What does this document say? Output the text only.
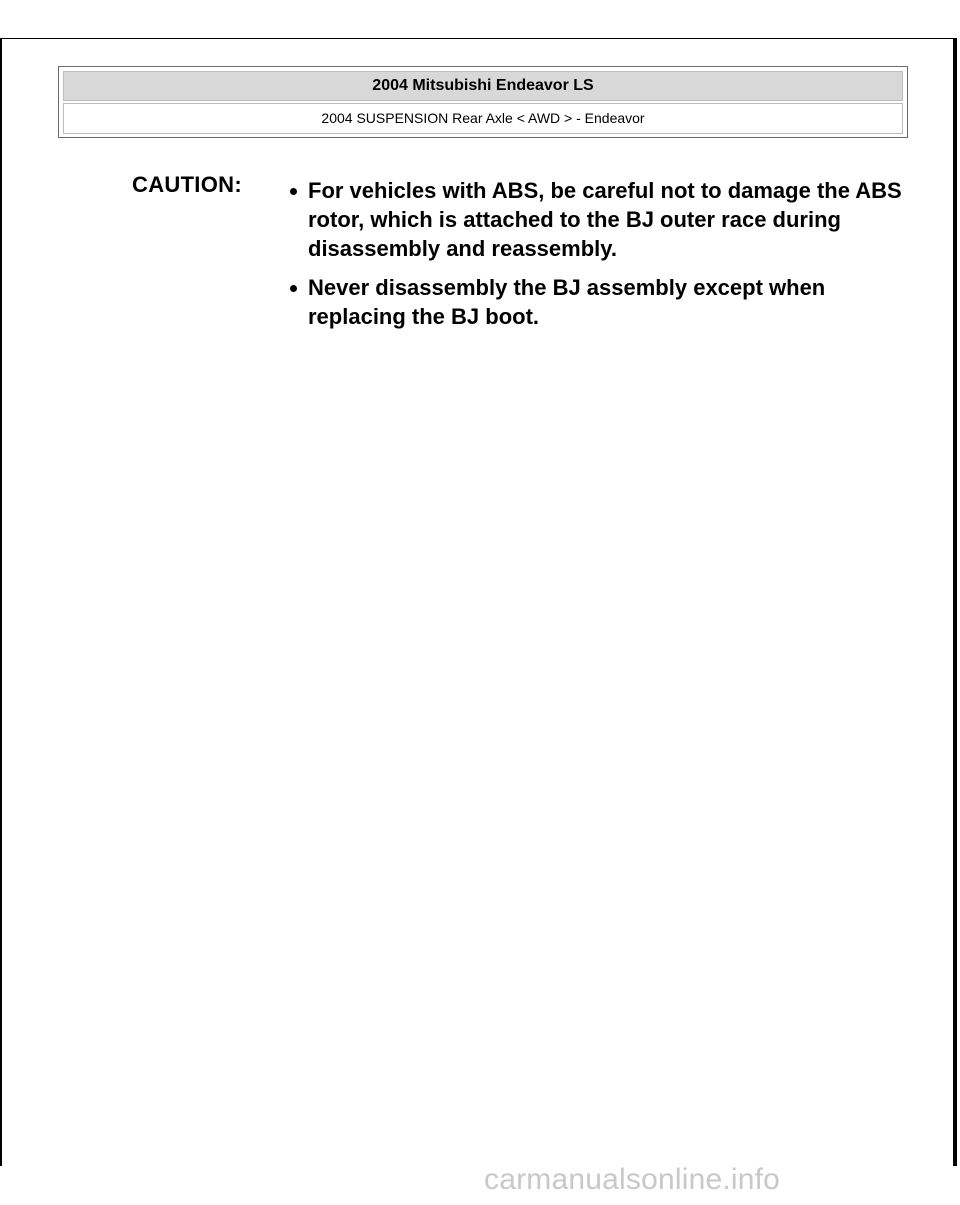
2004 Mitsubishi Endeavor LS
2004 SUSPENSION Rear Axle < AWD > - Endeavor
CAUTION:	For vehicles with ABS, be careful not to damage the ABS rotor, which is attached to the BJ outer race during disassembly and reassembly.
Never disassembly the BJ assembly except when replacing the BJ boot.
carmanualsonline.info
